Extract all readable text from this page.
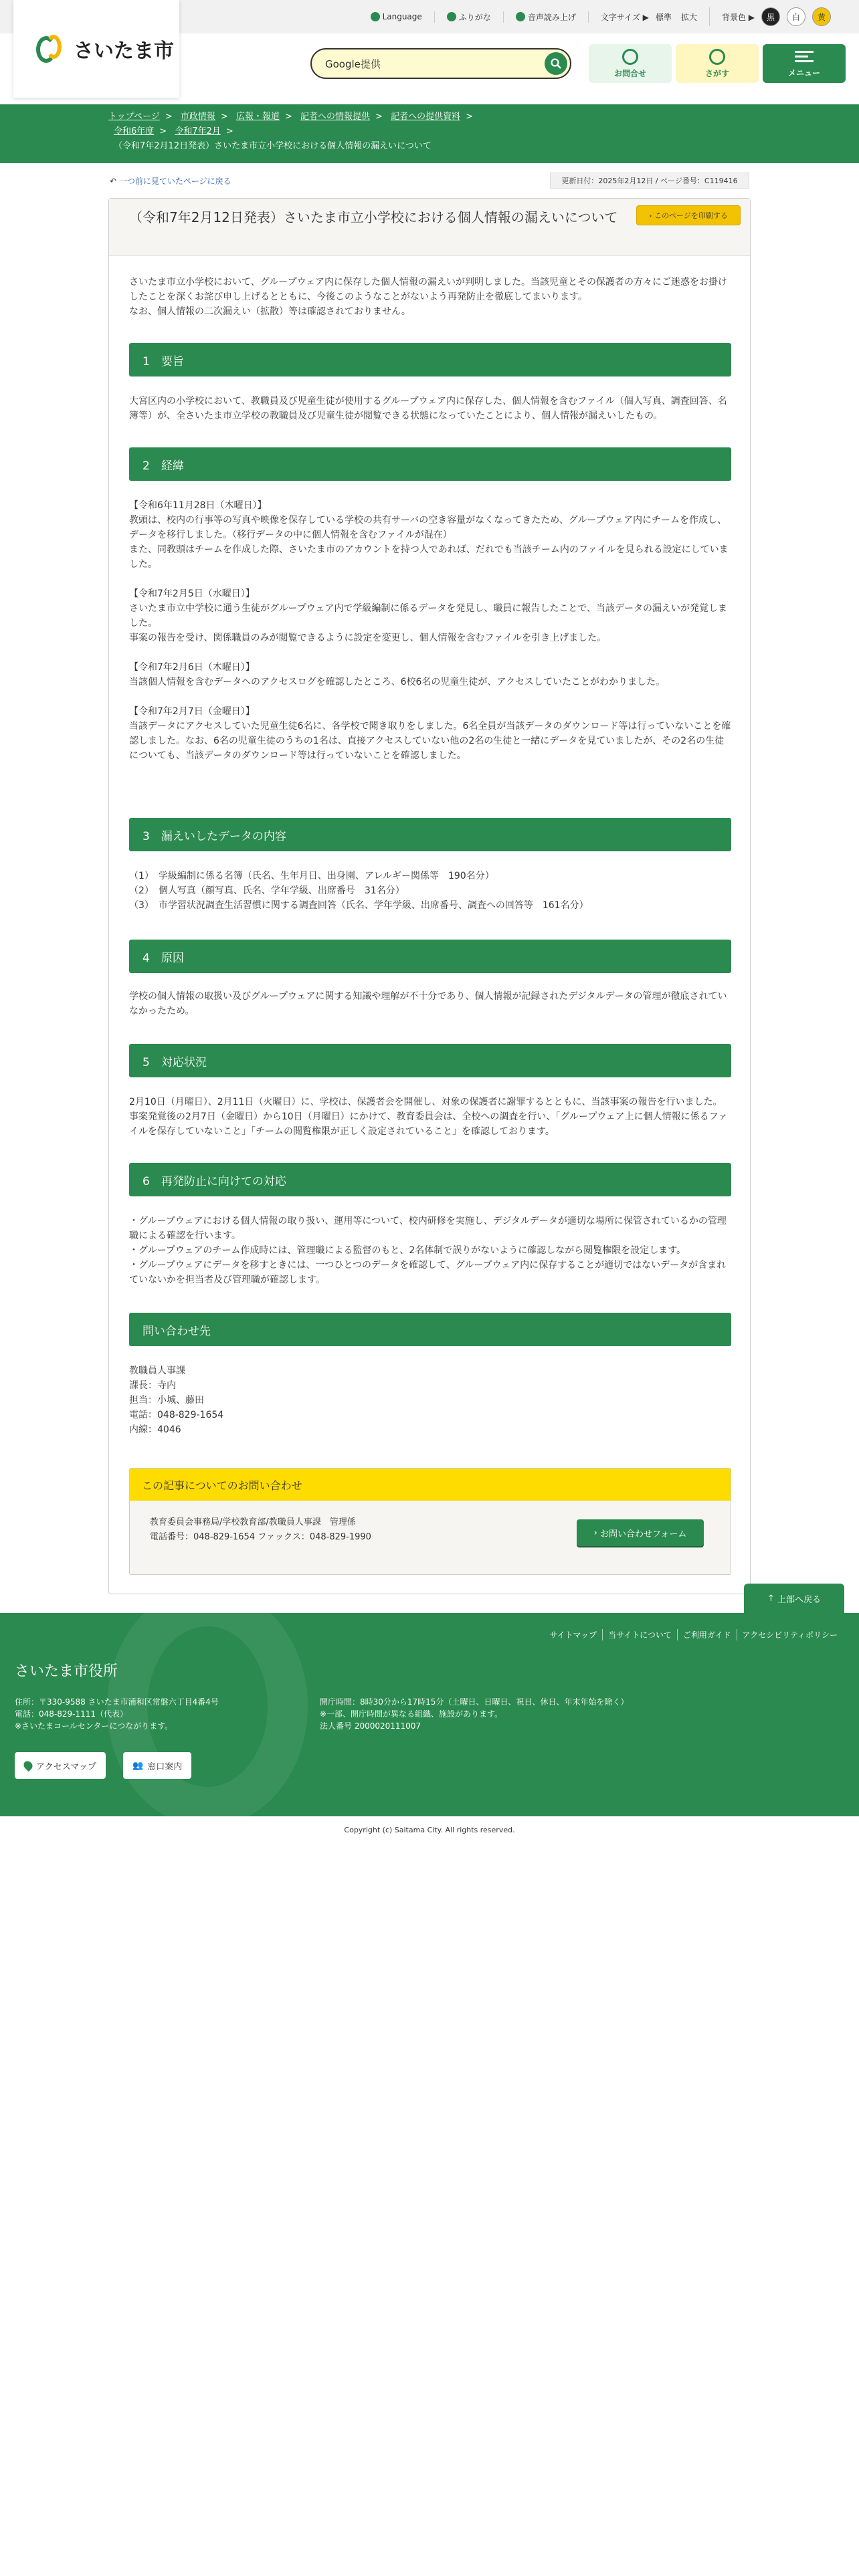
Language	ふりがな	音声読み上げ	文字サイズ ▶ 標準 拡大	背景色 ▶	黒	白	黄
さいたま市
Google提供
お問合せ	さがす	メニュー
トップページ > 市政情報 > 広報・報道 > 記者への情報提供 > 記者への提供資料 >
令和6年度 > 令和7年2月 >
（令和7年2月12日発表）さいたま市立小学校における個人情報の漏えいについて
↶ 一つ前に見ていたページに戻る	更新日付：2025年2月12日 / ページ番号：C119416
（令和7年2月12日発表）さいたま市立小学校における個人情報の漏えいについて	› このページを印刷する
さいたま市立小学校において、グループウェア内に保存した個人情報の漏えいが判明しました。当該児童とその保護者の方々にご迷惑をお掛けしたことを深くお詫び申し上げるとともに、今後このようなことがないよう再発防止を徹底してまいります。
なお、個人情報の二次漏えい（拡散）等は確認されておりません。
1　要旨
大宮区内の小学校において、教職員及び児童生徒が使用するグループウェア内に保存した、個人情報を含むファイル（個人写真、調査回答、名簿等）が、全さいたま市立学校の教職員及び児童生徒が閲覧できる状態になっていたことにより、個人情報が漏えいしたもの。
2　経緯
【令和6年11月28日（木曜日）】
教頭は、校内の行事等の写真や映像を保存している学校の共有サーバの空き容量がなくなってきたため、グループウェア内にチームを作成し、データを移行しました。（移行データの中に個人情報を含むファイルが混在）
また、同教頭はチームを作成した際、さいたま市のアカウントを持つ人であれば、だれでも当該チーム内のファイルを見られる設定にしていました。

【令和7年2月5日（水曜日）】
さいたま市立中学校に通う生徒がグループウェア内で学級編制に係るデータを発見し、職員に報告したことで、当該データの漏えいが発覚しました。
事案の報告を受け、関係職員のみが閲覧できるように設定を変更し、個人情報を含むファイルを引き上げました。

【令和7年2月6日（木曜日）】
当該個人情報を含むデータへのアクセスログを確認したところ、6校6名の児童生徒が、アクセスしていたことがわかりました。

【令和7年2月7日（金曜日）】
当該データにアクセスしていた児童生徒6名に、各学校で聞き取りをしました。6名全員が当該データのダウンロード等は行っていないことを確認しました。なお、6名の児童生徒のうちの1名は、直接アクセスしていない他の2名の生徒と一緒にデータを見ていましたが、その2名の生徒についても、当該データのダウンロード等は行っていないことを確認しました。
3　漏えいしたデータの内容
（1）　学級編制に係る名簿（氏名、生年月日、出身園、アレルギー関係等　190名分）
（2）　個人写真（顔写真、氏名、学年学級、出席番号　31名分）
（3）　市学習状況調査生活習慣に関する調査回答（氏名、学年学級、出席番号、調査への回答等　161名分）
4　原因
学校の個人情報の取扱い及びグループウェアに関する知識や理解が不十分であり、個人情報が記録されたデジタルデータの管理が徹底されていなかったため。
5　対応状況
2月10日（月曜日）、2月11日（火曜日）に、学校は、保護者会を開催し、対象の保護者に謝罪するとともに、当該事案の報告を行いました。
事案発覚後の2月7日（金曜日）から10日（月曜日）にかけて、教育委員会は、全校への調査を行い、「グループウェア上に個人情報に係るファイルを保存していないこと」「チームの閲覧権限が正しく設定されていること」を確認しております。
6　再発防止に向けての対応
・グループウェアにおける個人情報の取り扱い、運用等について、校内研修を実施し、デジタルデータが適切な場所に保管されているかの管理職による確認を行います。
・グループウェアのチーム作成時には、管理職による監督のもと、2名体制で誤りがないように確認しながら閲覧権限を設定します。
・グループウェアにデータを移すときには、一つひとつのデータを確認して、グループウェア内に保存することが適切ではないデータが含まれていないかを担当者及び管理職が確認します。
問い合わせ先
教職員人事課
課長：寺内
担当：小城、藤田
電話：048-829-1654
内線：4046
この記事についてのお問い合わせ
教育委員会事務局/学校教育部/教職員人事課　管理係
電話番号：048-829-1654 ファックス：048-829-1990	› お問い合わせフォーム
↑ 上部へ戻る
サイトマップ	当サイトについて	ご利用ガイド	アクセシビリティポリシー
さいたま市役所
住所：〒330-9588 さいたま市浦和区常盤六丁目4番4号
電話：048-829-1111（代表）
※さいたまコールセンターにつながります。
開庁時間：8時30分から17時15分（土曜日、日曜日、祝日、休日、年末年始を除く）
※一部、開庁時間が異なる組織、施設があります。
法人番号 2000020111007
アクセスマップ	👥 窓口案内
Copyright (c) Saitama City. All rights reserved.
